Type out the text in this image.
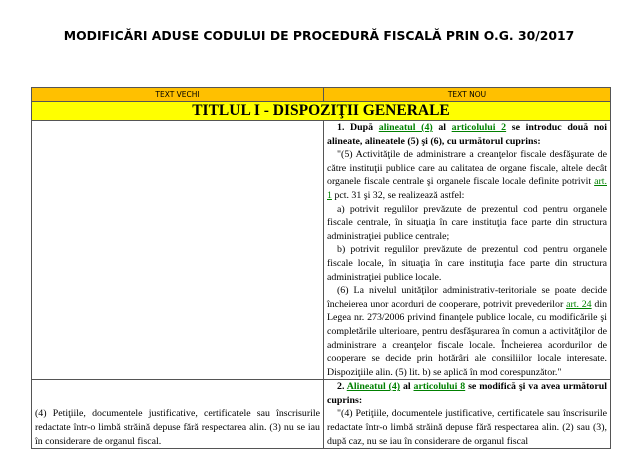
MODIFICĂRI ADUSE CODULUI DE PROCEDURĂ FISCALĂ PRIN O.G. 30/2017
TEXT VECHI	TEXT NOU
TITLUL I - DISPOZIŢII GENERALE	

	1. După alineatul (4) al articolului 2 se introduc două noi alineate, alineatele (5) şi (6), cu următorul cuprins:

"(5) Activităţile de administrare a creanţelor fiscale desfăşurate de către instituţii publice care au calitatea de organe fiscale, altele decât organele fiscale centrale şi organele fiscale locale definite potrivit art. 1 pct. 31 şi 32, se realizează astfel:

a) potrivit regulilor prevăzute de prezentul cod pentru organele fiscale centrale, în situaţia în care instituţia face parte din structura administraţiei publice centrale;

b) potrivit regulilor prevăzute de prezentul cod pentru organele fiscale locale, în situaţia în care instituţia face parte din structura administraţiei publice locale.

(6) La nivelul unităţilor administrativ-teritoriale se poate decide încheierea unor acorduri de cooperare, potrivit prevederilor art. 24 din Legea nr. 273/2006 privind finanţele publice locale, cu modificările şi completările ulterioare, pentru desfăşurarea în comun a activităţilor de administrare a creanţelor fiscale locale. Încheierea acordurilor de cooperare se decide prin hotărâri ale consiliilor locale interesate. Dispoziţiile alin. (5) lit. b) se aplică în mod corespunzător."

(4) Petiţiile, documentele justificative, certificatele sau înscrisurile redactate într-o limbă străină depuse fără respectarea alin. (3) nu se iau în considerare de organul fiscal.	2. Alineatul (4) al articolului 8 se modifică şi va avea următorul cuprins:

"(4) Petiţiile, documentele justificative, certificatele sau înscrisurile redactate într-o limbă străină depuse fără respectarea alin. (2) sau (3), după caz, nu se iau în considerare de organul fiscal
